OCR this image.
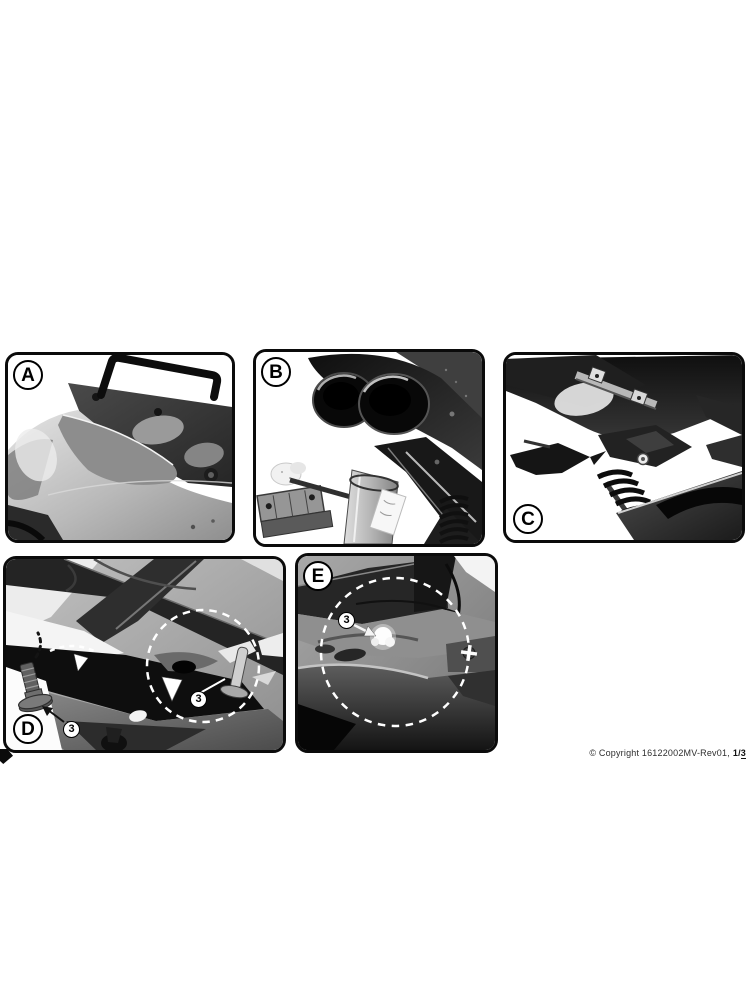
A	B
C
D
3
3
E
3
© Copyright 16122002MV-Rev01, 1/3
